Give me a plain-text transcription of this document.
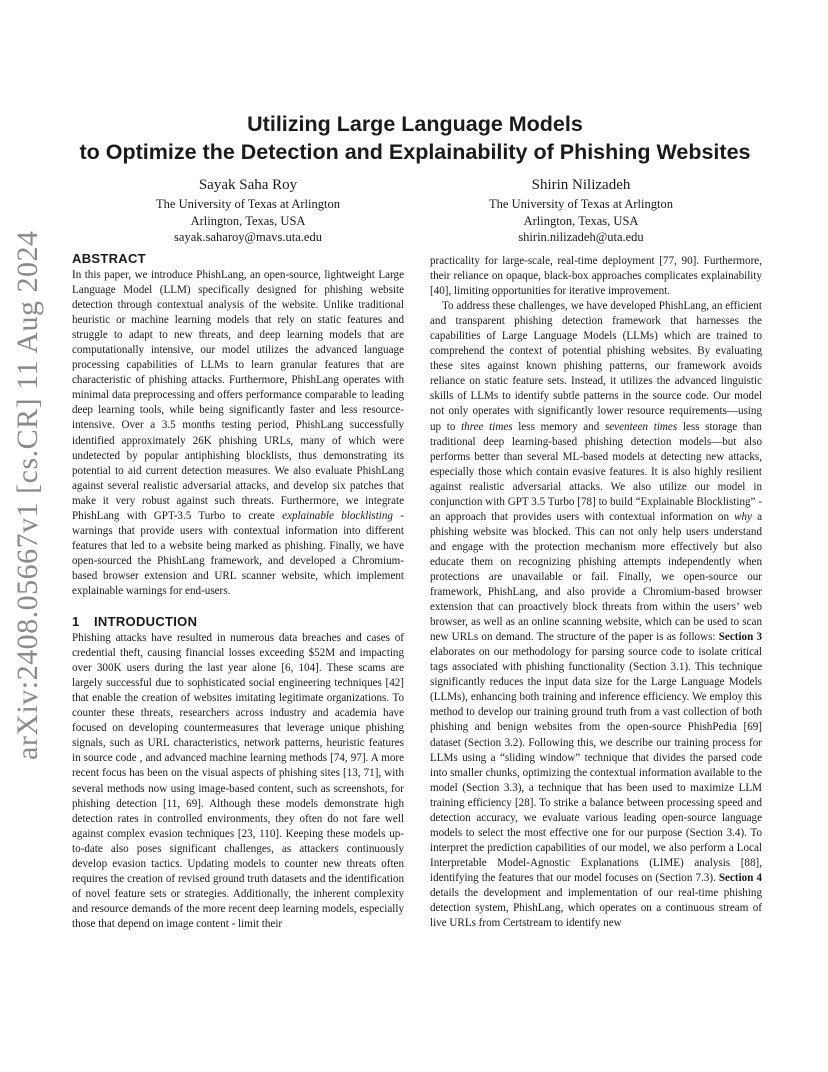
arXiv:2408.05667v1 [cs.CR] 11 Aug 2024
Utilizing Large Language Models
to Optimize the Detection and Explainability of Phishing Websites
Sayak Saha Roy
The University of Texas at Arlington
Arlington, Texas, USA
sayak.saharoy@mavs.uta.edu
Shirin Nilizadeh
The University of Texas at Arlington
Arlington, Texas, USA
shirin.nilizadeh@uta.edu
ABSTRACT
In this paper, we introduce PhishLang, an open-source, lightweight Large Language Model (LLM) specifically designed for phishing website detection through contextual analysis of the website. Unlike traditional heuristic or machine learning models that rely on static features and struggle to adapt to new threats, and deep learning models that are computationally intensive, our model utilizes the advanced language processing capabilities of LLMs to learn granular features that are characteristic of phishing attacks. Furthermore, PhishLang operates with minimal data preprocessing and offers performance comparable to leading deep learning tools, while being significantly faster and less resource-intensive. Over a 3.5 months testing period, PhishLang successfully identified approximately 26K phishing URLs, many of which were undetected by popular antiphishing blocklists, thus demonstrating its potential to aid current detection measures. We also evaluate PhishLang against several realistic adversarial attacks, and develop six patches that make it very robust against such threats. Furthermore, we integrate PhishLang with GPT-3.5 Turbo to create explainable blocklisting - warnings that provide users with contextual information into different features that led to a website being marked as phishing. Finally, we have open-sourced the PhishLang framework, and developed a Chromium-based browser extension and URL scanner website, which implement explainable warnings for end-users.
1 INTRODUCTION
Phishing attacks have resulted in numerous data breaches and cases of credential theft, causing financial losses exceeding $52M and impacting over 300K users during the last year alone [6, 104]. These scams are largely successful due to sophisticated social engineering techniques [42] that enable the creation of websites imitating legitimate organizations. To counter these threats, researchers across industry and academia have focused on developing countermeasures that leverage unique phishing signals, such as URL characteristics, network patterns, heuristic features in source code , and advanced machine learning methods [74, 97]. A more recent focus has been on the visual aspects of phishing sites [13, 71], with several methods now using image-based content, such as screenshots, for phishing detection [11, 69]. Although these models demonstrate high detection rates in controlled environments, they often do not fare well against complex evasion techniques [23, 110]. Keeping these models up-to-date also poses significant challenges, as attackers continuously develop evasion tactics. Updating models to counter new threats often requires the creation of revised ground truth datasets and the identification of novel feature sets or strategies. Additionally, the inherent complexity and resource demands of the more recent deep learning models, especially those that depend on image content - limit their
practicality for large-scale, real-time deployment [77, 90]. Furthermore, their reliance on opaque, black-box approaches complicates explainability [40], limiting opportunities for iterative improvement.
To address these challenges, we have developed PhishLang, an efficient and transparent phishing detection framework that harnesses the capabilities of Large Language Models (LLMs) which are trained to comprehend the context of potential phishing websites. By evaluating these sites against known phishing patterns, our framework avoids reliance on static feature sets. Instead, it utilizes the advanced linguistic skills of LLMs to identify subtle patterns in the source code. Our model not only operates with significantly lower resource requirements—using up to three times less memory and seventeen times less storage than traditional deep learning-based phishing detection models—but also performs better than several ML-based models at detecting new attacks, especially those which contain evasive features. It is also highly resilient against realistic adversarial attacks. We also utilize our model in conjunction with GPT 3.5 Turbo [78] to build “Explainable Blocklisting” - an approach that provides users with contextual information on why a phishing website was blocked. This can not only help users understand and engage with the protection mechanism more effectively but also educate them on recognizing phishing attempts independently when protections are unavailable or fail. Finally, we open-source our framework, PhishLang, and also provide a Chromium-based browser extension that can proactively block threats from within the users’ web browser, as well as an online scanning website, which can be used to scan new URLs on demand. The structure of the paper is as follows: Section 3 elaborates on our methodology for parsing source code to isolate critical tags associated with phishing functionality (Section 3.1). This technique significantly reduces the input data size for the Large Language Models (LLMs), enhancing both training and inference efficiency. We employ this method to develop our training ground truth from a vast collection of both phishing and benign websites from the open-source PhishPedia [69] dataset (Section 3.2). Following this, we describe our training process for LLMs using a “sliding window” technique that divides the parsed code into smaller chunks, optimizing the contextual information available to the model (Section 3.3), a technique that has been used to maximize LLM training efficiency [28]. To strike a balance between processing speed and detection accuracy, we evaluate various leading open-source language models to select the most effective one for our purpose (Section 3.4). To interpret the prediction capabilities of our model, we also perform a Local Interpretable Model-Agnostic Explanations (LIME) analysis [88], identifying the features that our model focuses on (Section 7.3). Section 4 details the development and implementation of our real-time phishing detection system, PhishLang, which operates on a continuous stream of live URLs from Certstream to identify new
